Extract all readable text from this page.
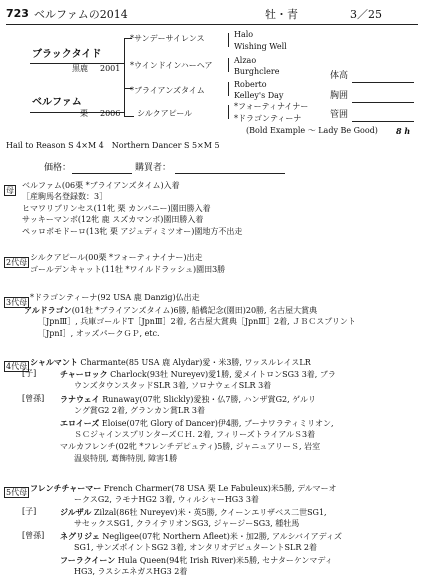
723 ベルファムの2014	牡・青	3／25
ブラックタイド
黒鹿 2001
*サンデーサイレンス
*ウインドインハーヘア
Halo
Wishing Well
Alzao
Burghclere
ベルファム
栗 2006
*ブライアンズタイム
シルクアピール
Roberto
Kelley's Day
*フォーティナイナー
*ドラゴンティーナ
(Bold Example ～ Lady Be Good) 8 h
体高
胸囲
管囲
Hail to Reason S 4×M 4　Northern Dancer S 5×M 5
価格：	購買者：
母
ベルファム(06栗 *ブライアンズタイム)入着
［産駒馬名登録数：3］
ヒマワリプリンセス(11牝 栗 カンパニー)園田勝入着
サッキーマンボ(12牝 鹿 スズカマンボ)園田勝入着
ペッロボモドーロ(13牝 栗 アジュディミツオー)園地方不出走
2代母
シルクアピール(00栗 *フォーティナイナー)出走
ゴールデンキャット(11牡 *ワイルドラッシュ)園田3勝
3代母
*ドラゴンティーナ(92 USA 鹿 Danzig)仏出走
アルドラゴン(01牡 *ブライアンズタイム)6勝, 船橋記念(園田)20勝, 名古屋大賞典
［JpnⅢ］, 兵庫ゴールドT［JpnⅢ］2着, 名古屋大賞典［JpnⅢ］2着, ＪＢＣスプリント
［JpnⅠ］, オッズパークＧＰ, etc.
4代母 シャルマント Charmante(85 USA 鹿 Alydar)愛・米3勝, ワッスルレイスLR
[子]	チャーロック Charlock(93牡 Nureyev)愛1勝, 愛メイトロンSG3 3着, ブラ
ウンズタウンスタッドSLR 3着, ソロナウェイSLR 3着
[曾孫] ラナウェイ Runaway(07牝 Slickly)愛独・仏7勝, ハンザ賞G2, ゲルリ
ング賞G2 2着, グランカン賞LR 3着
エロイーズ Eloise(07牝 Glory of Dancer)伊4勝, ブーナワラティミリオン,
ＳＣジャインスプリンターズＣＨ. 2着, フィリーズトライアルＳ3着
マルカフレンチ(02牝 *フレンチデピュティ)5勝, ジャニュアリーＳ, 岩室
温泉特別, 葛飾特別, 障害1勝
5代母 フレンチチャーマー French Charmer(78 USA 栗 Le Fabuleux)米5勝, デルマーオ
ークスG2, ラモナHG2 3着, ウィルシャーHG3 3着
[子]	ジルザル Zilzal(86牡 Nureyev)米・英5勝, クイーンエリザベス二世SG1,
サセックスSG1, クライテリオンSG3, ジャージーSG3, 種牡馬
[曾孫] ネグリジェ Negligee(07牝 Northern Afleet)米・加2勝, アルシバイアディズ
SG1, サンズポイントSG2 3着, オンタリオデビュターントSLR 2着
フーラクイーン Hula Queen(94牝 Irish River)米5勝, セナターケンマディ
HG3, ラスシエネガスHG3 2着
